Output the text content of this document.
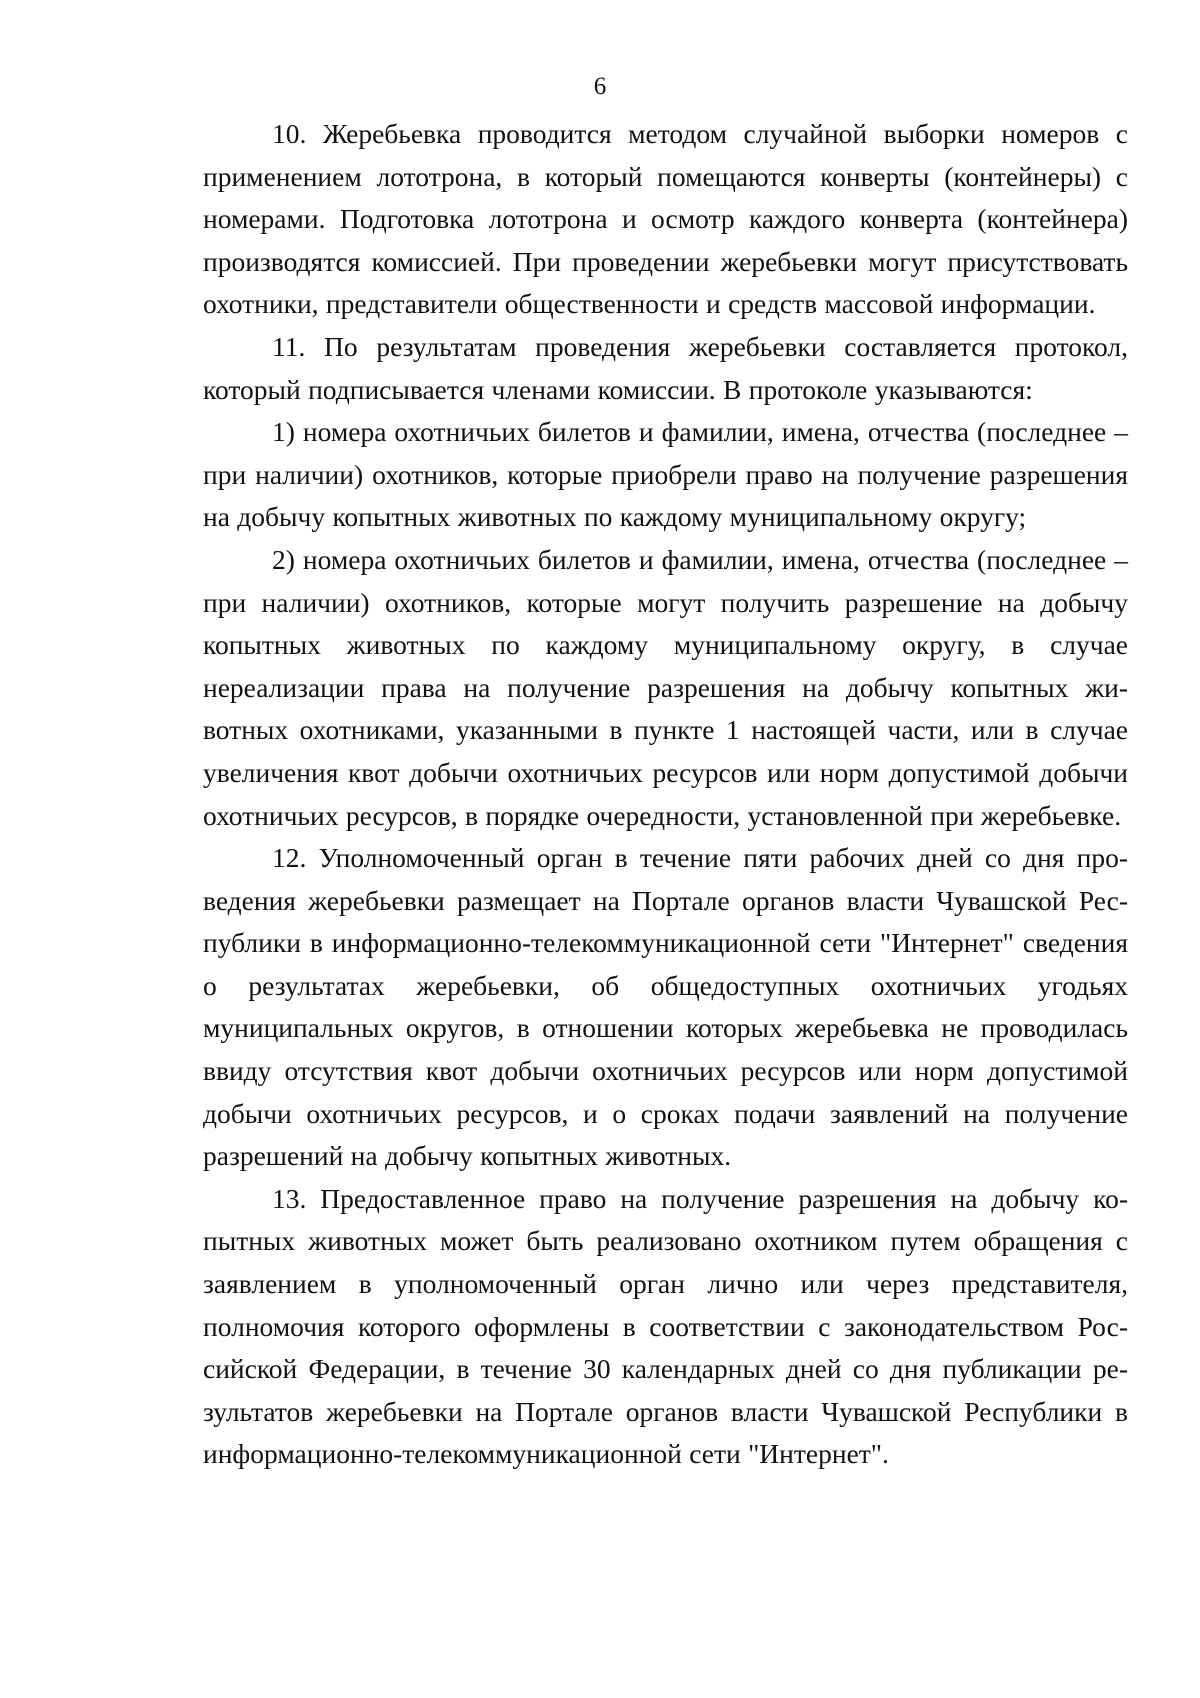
6

10. Жеребьевка проводится методом случайной выборки номеров с применением лототрона, в который помещаются конверты (контейнеры) с номерами. Подготовка лототрона и осмотр каждого конверта (контейнера) производятся комиссией. При проведении жеребьевки могут присутствовать охотники, представители общественности и средств массовой информации.

11. По результатам проведения жеребьевки составляется протокол, который подписывается членами комиссии. В протоколе указываются:

1) номера охотничьих билетов и фамилии, имена, отчества (последнее – при наличии) охотников, которые приобрели право на получение разрешения на добычу копытных животных по каждому муниципальному округу;

2) номера охотничьих билетов и фамилии, имена, отчества (последнее – при наличии) охотников, которые могут получить разрешение на добычу копытных животных по каждому муниципальному округу, в случае нереализации права на получение разрешения на добычу копытных животных охотниками, указанными в пункте 1 настоящей части, или в случае увеличения квот добычи охотничьих ресурсов или норм допустимой добычи охотничьих ресурсов, в порядке очередности, установленной при жеребьевке.

12. Уполномоченный орган в течение пяти рабочих дней со дня проведения жеребьевки размещает на Портале органов власти Чувашской Республики в информационно-телекоммуникационной сети "Интернет" сведения о результатах жеребьевки, об общедоступных охотничьих угодьях муниципальных округов, в отношении которых жеребьевка не проводилась ввиду отсутствия квот добычи охотничьих ресурсов или норм допустимой добычи охотничьих ресурсов, и о сроках подачи заявлений на получение разрешений на добычу копытных животных.

13. Предоставленное право на получение разрешения на добычу копытных животных может быть реализовано охотником путем обращения с заявлением в уполномоченный орган лично или через представителя, полномочия которого оформлены в соответствии с законодательством Российской Федерации, в течение 30 календарных дней со дня публикации результатов жеребьевки на Портале органов власти Чувашской Республики в информационно-телекоммуникационной сети "Интернет".
